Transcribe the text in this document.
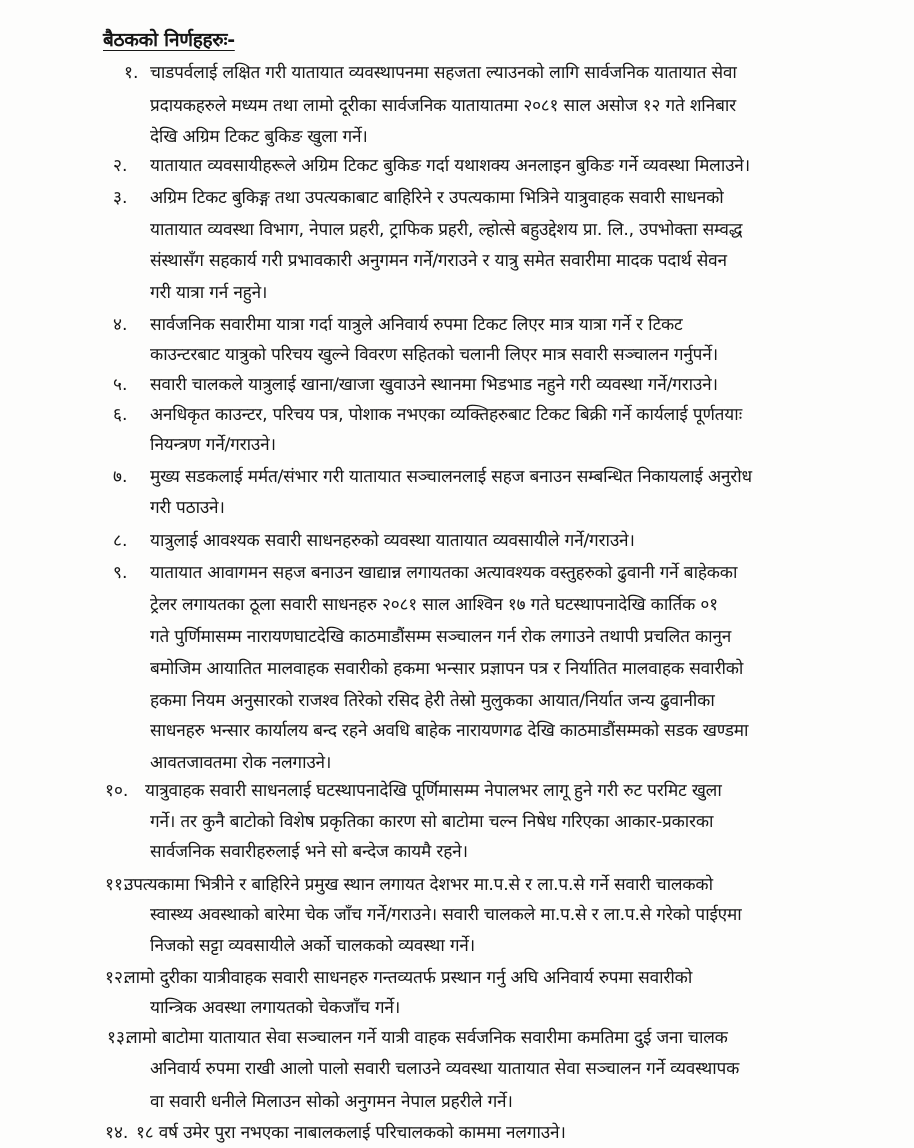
बैठकको निर्णहहरुः-
१. चाडपर्वलाई लक्षित गरी यातायात व्यवस्थापनमा सहजता ल्याउनको लागि सार्वजनिक यातायात सेवा
प्रदायकहरुले मध्यम तथा लामो दूरीका सार्वजनिक यातायातमा २०८१ साल असोज १२ गते शनिबार
देखि अग्रिम टिकट बुकिङ खुला गर्ने।
२. यातायात व्यवसायीहरूले अग्रिम टिकट बुकिङ गर्दा यथाशक्य अनलाइन बुकिङ गर्ने व्यवस्था मिलाउने।
३. अग्रिम टिकट बुकिङ्ग तथा उपत्यकाबाट बाहिरिने र उपत्यकामा भित्रिने यात्रुवाहक सवारी साधनको
यातायात व्यवस्था विभाग, नेपाल प्रहरी, ट्राफिक प्रहरी, ल्होत्से बहुउद्देशय प्रा. लि., उपभोक्ता सम्वद्ध
संस्थासँग सहकार्य गरी प्रभावकारी अनुगमन गर्ने/गराउने र यात्रु समेत सवारीमा मादक पदार्थ सेवन
गरी यात्रा गर्न नहुने।
४. सार्वजनिक सवारीमा यात्रा गर्दा यात्रुले अनिवार्य रुपमा टिकट लिएर मात्र यात्रा गर्ने र टिकट
काउन्टरबाट यात्रुको परिचय खुल्ने विवरण सहितको चलानी लिएर मात्र सवारी सञ्चालन गर्नुपर्ने।
५. सवारी चालकले यात्रुलाई खाना/खाजा खुवाउने स्थानमा भिडभाड नहुने गरी व्यवस्था गर्ने/गराउने।
६. अनधिकृत काउन्टर, परिचय पत्र, पोशाक नभएका व्यक्तिहरुबाट टिकट बिक्री गर्ने कार्यलाई पूर्णतयाः
नियन्त्रण गर्ने/गराउने।
७. मुख्य सडकलाई मर्मत/संभार गरी यातायात सञ्चालनलाई सहज बनाउन सम्बन्धित निकायलाई अनुरोध
गरी पठाउने।
८. यात्रुलाई आवश्यक सवारी साधनहरुको व्यवस्था यातायात व्यवसायीले गर्ने/गराउने।
९. यातायात आवागमन सहज बनाउन खाद्यान्न लगायतका अत्यावश्यक वस्तुहरुको ढुवानी गर्ने बाहेकका
ट्रेलर लगायतका ठूला सवारी साधनहरु २०८१ साल आश्विन १७ गते घटस्थापनादेखि कार्तिक ०१
गते पुर्णिमासम्म नारायणघाटदेखि काठमाडौंसम्म सञ्चालन गर्न रोक लगाउने तथापी प्रचलित कानुन
बमोजिम आयातित मालवाहक सवारीको हकमा भन्सार प्रज्ञापन पत्र र निर्यातित मालवाहक सवारीको
हकमा नियम अनुसारको राजश्व तिरेको रसिद हेरी तेस्रो मुलुकका आयात/निर्यात जन्य ढुवानीका
साधनहरु भन्सार कार्यालय बन्द रहने अवधि बाहेक नारायणगढ देखि काठमाडौंसम्मको सडक खण्डमा
आवतजावतमा रोक नलगाउने।
१०. यात्रुवाहक सवारी साधनलाई घटस्थापनादेखि पूर्णिमासम्म नेपालभर लागू हुने गरी रुट परमिट खुला
गर्ने। तर कुनै बाटोको विशेष प्रकृतिका कारण सो बाटोमा चल्न निषेध गरिएका आकार-प्रकारका
सार्वजनिक सवारीहरुलाई भने सो बन्देज कायमै रहने।
११.
उपत्यकामा भित्रीने र बाहिरिने प्रमुख स्थान लगायत देशभर मा.प.से र ला.प.से गर्ने सवारी चालकको
स्वास्थ्य अवस्थाको बारेमा चेक जाँच गर्ने/गराउने। सवारी चालकले मा.प.से र ला.प.से गरेको पाईएमा
निजको सट्टा व्यवसायीले अर्को चालकको व्यवस्था गर्ने।
१२.
लामो दुरीका यात्रीवाहक सवारी साधनहरु गन्तव्यतर्फ प्रस्थान गर्नु अघि अनिवार्य रुपमा सवारीको
यान्त्रिक अवस्था लगायतको चेकजाँच गर्ने।
१३.
लामो बाटोमा यातायात सेवा सञ्चालन गर्ने यात्री वाहक सर्वजनिक सवारीमा कमतिमा दुई जना चालक
अनिवार्य रुपमा राखी आलो पालो सवारी चलाउने व्यवस्था यातायात सेवा सञ्चालन गर्ने व्यवस्थापक
वा सवारी धनीले मिलाउन सोको अनुगमन नेपाल प्रहरीले गर्ने।
१४. १८ वर्ष उमेर पुरा नभएका नाबालकलाई परिचालकको काममा नलगाउने।
